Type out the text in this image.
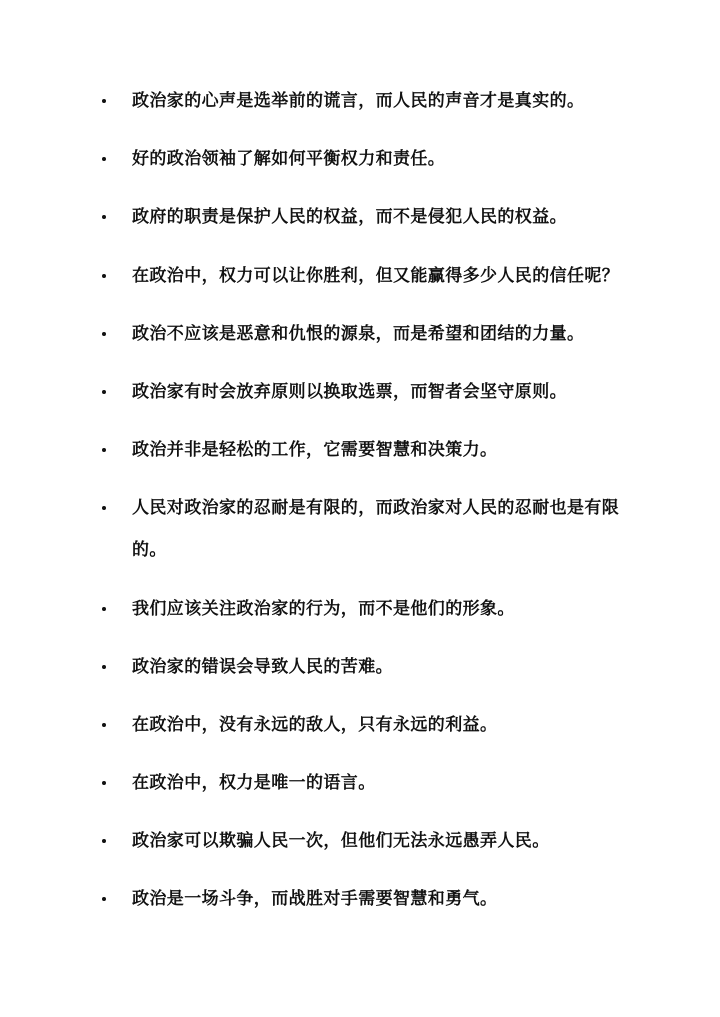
政治家的心声是选举前的谎言，而人民的声音才是真实的。
好的政治领袖了解如何平衡权力和责任。
政府的职责是保护人民的权益，而不是侵犯人民的权益。
在政治中，权力可以让你胜利，但又能赢得多少人民的信任呢？
政治不应该是恶意和仇恨的源泉，而是希望和团结的力量。
政治家有时会放弃原则以换取选票，而智者会坚守原则。
政治并非是轻松的工作，它需要智慧和决策力。
人民对政治家的忍耐是有限的，而政治家对人民的忍耐也是有限的。
我们应该关注政治家的行为，而不是他们的形象。
政治家的错误会导致人民的苦难。
在政治中，没有永远的敌人，只有永远的利益。
在政治中，权力是唯一的语言。
政治家可以欺骗人民一次，但他们无法永远愚弄人民。
政治是一场斗争，而战胜对手需要智慧和勇气。
